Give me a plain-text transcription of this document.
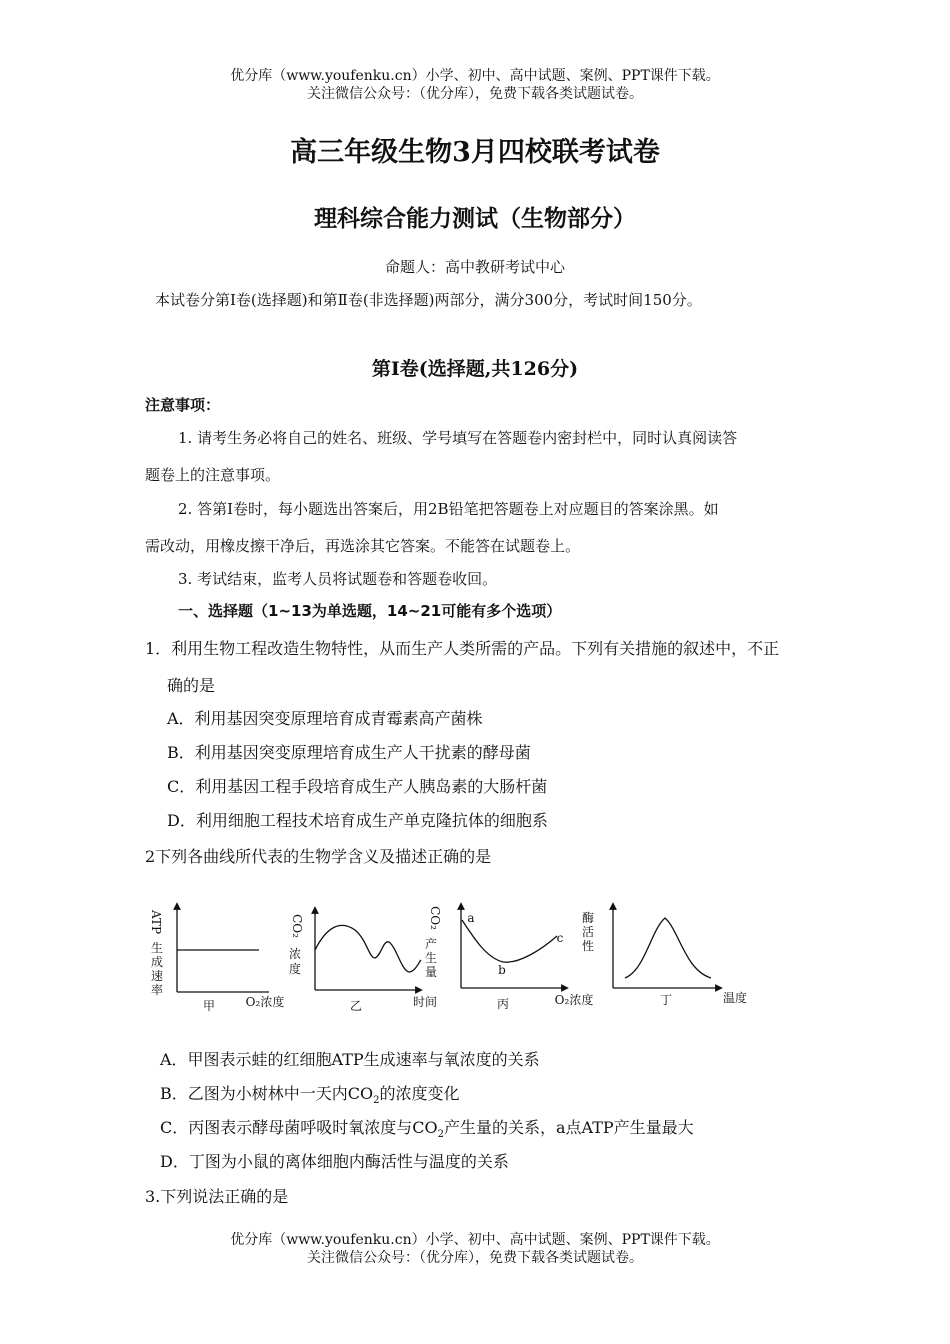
优分库（www.youfenku.cn）小学、初中、高中试题、案例、PPT课件下载。
关注微信公众号：（优分库），免费下载各类试题试卷。
高三年级生物3月四校联考试卷
理科综合能力测试（生物部分）
命题人：高中教研考试中心
本试卷分第Ⅰ卷(选择题)和第Ⅱ卷(非选择题)两部分，满分300分，考试时间150分。
第Ⅰ卷(选择题,共126分)
注意事项：
1. 请考生务必将自己的姓名、班级、学号填写在答题卷内密封栏中，同时认真阅读答
题卷上的注意事项。
2. 答第Ⅰ卷时，每小题选出答案后，用2B铅笔把答题卷上对应题目的答案涂黑。如
需改动，用橡皮擦干净后，再选涂其它答案。不能答在试题卷上。
3. 考试结束，监考人员将试题卷和答题卷收回。
一、选择题（1~13为单选题，14~21可能有多个选项）
1．利用生物工程改造生物特性，从而生产人类所需的产品。下列有关措施的叙述中，不正
确的是
A．利用基因突变原理培育成青霉素高产菌株
B．利用基因突变原理培育成生产人干扰素的酵母菌
C．利用基因工程手段培育成生产人胰岛素的大肠杆菌
D．利用细胞工程技术培育成生产单克隆抗体的细胞系
2下列各曲线所代表的生物学含义及描述正确的是
ATP
生
成
速
率
甲	O₂浓度
CO₂
浓
度
乙	时间
CO₂
产
生
量
a
b
c
丙	O₂浓度
酶
活
性
丁	温度
A．甲图表示蛙的红细胞ATP生成速率与氧浓度的关系
B．乙图为小树林中一天内$CO_2$的浓度变化
C．丙图表示酵母菌呼吸时氧浓度与$CO_2$产生量的关系，a点ATP产生量最大
D．丁图为小鼠的离体细胞内酶活性与温度的关系
3.下列说法正确的是
优分库（www.youfenku.cn）小学、初中、高中试题、案例、PPT课件下载。
关注微信公众号：（优分库），免费下载各类试题试卷。
